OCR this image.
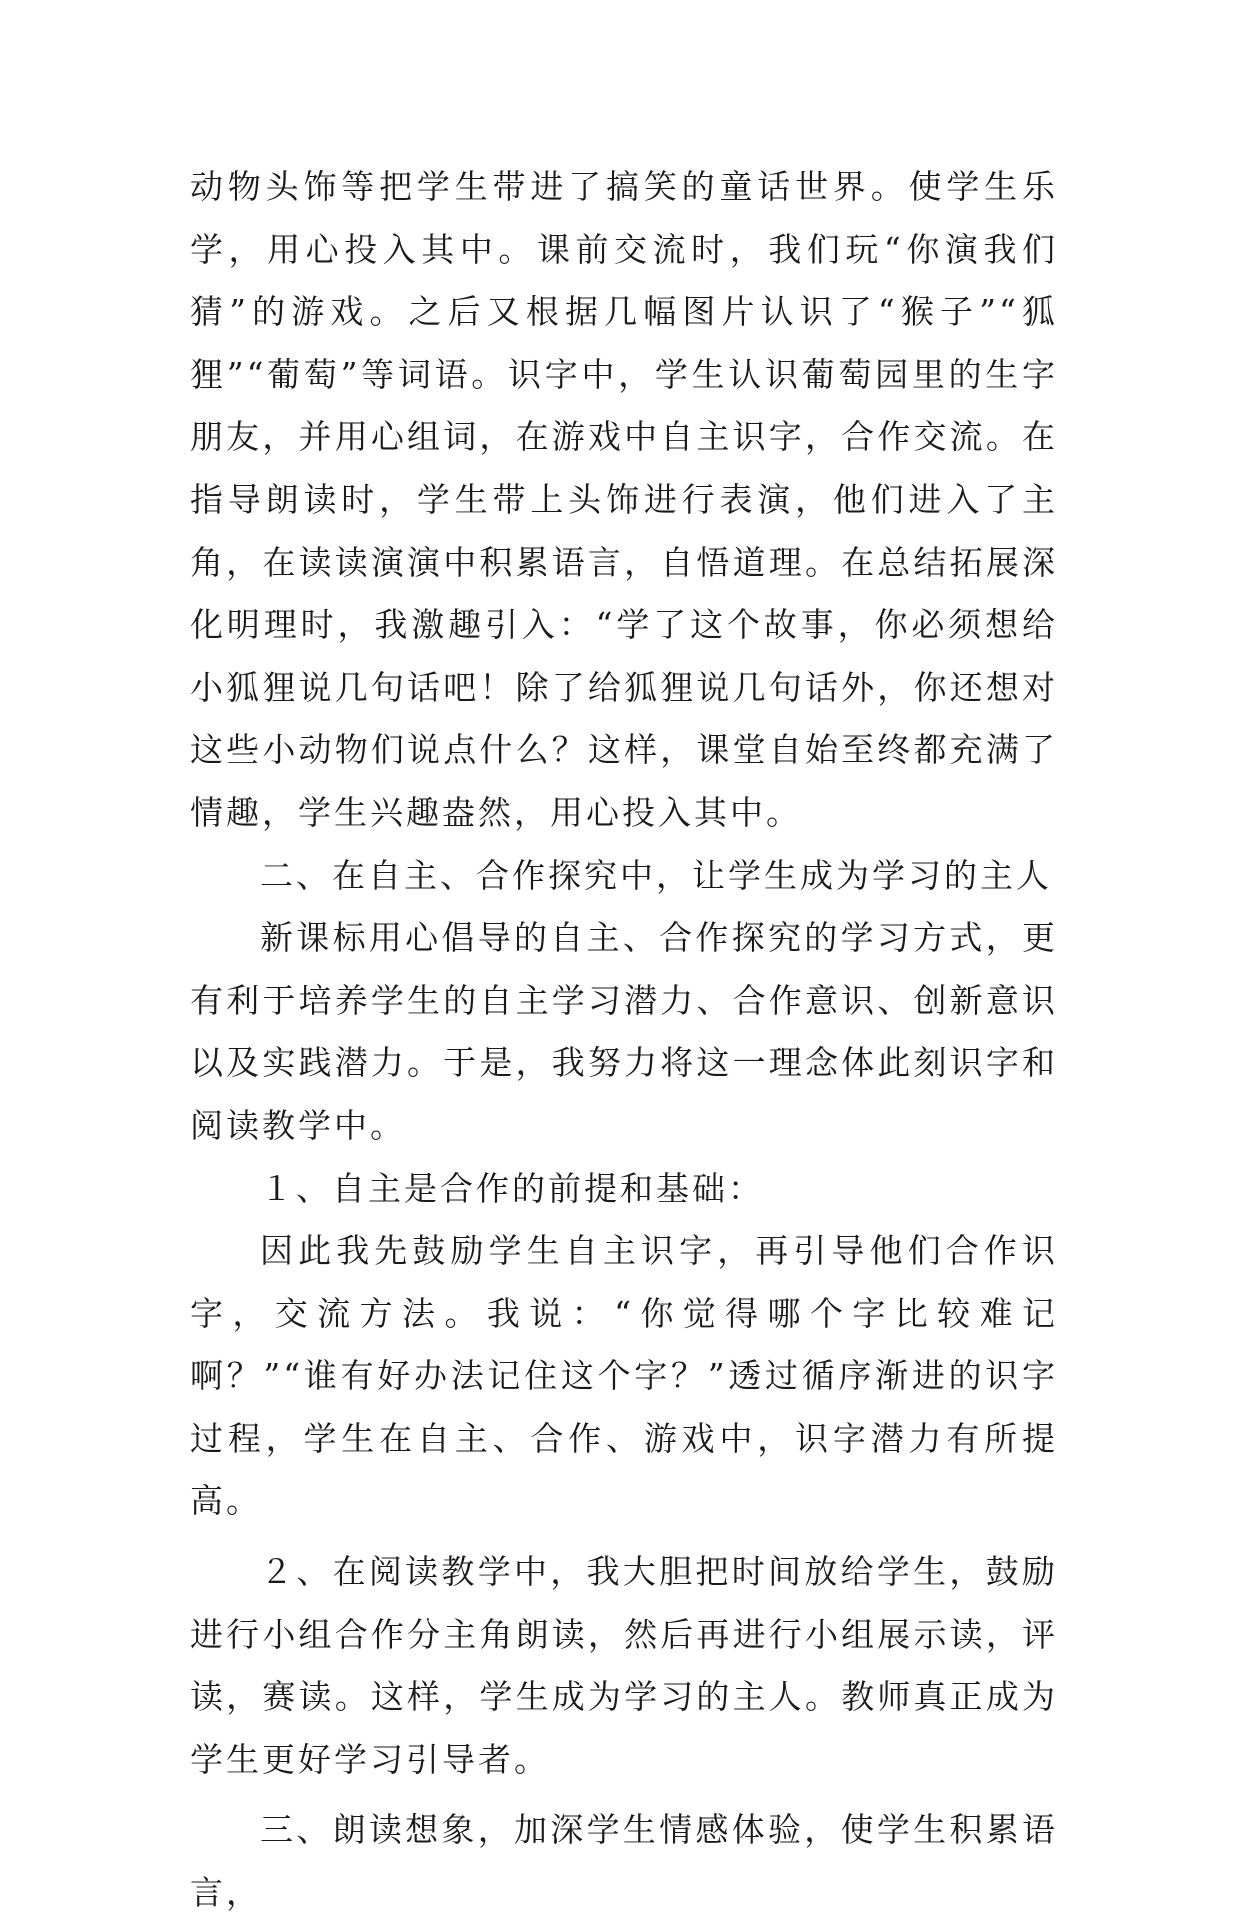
动物头饰等把学生带进了搞笑的童话世界。使学生乐学，用心投入其中。课前交流时，我们玩“你演我们猜”的游戏。之后又根据几幅图片认识了“猴子”“狐狸”“葡萄”等词语。识字中，学生认识葡萄园里的生字朋友，并用心组词，在游戏中自主识字，合作交流。在指导朗读时，学生带上头饰进行表演，他们进入了主角，在读读演演中积累语言，自悟道理。在总结拓展深化明理时，我激趣引入：“学了这个故事，你必须想给小狐狸说几句话吧！除了给狐狸说几句话外，你还想对这些小动物们说点什么？这样，课堂自始至终都充满了情趣，学生兴趣盎然，用心投入其中。

二、在自主、合作探究中，让学生成为学习的主人

新课标用心倡导的自主、合作探究的学习方式，更有利于培养学生的自主学习潜力、合作意识、创新意识以及实践潜力。于是，我努力将这一理念体此刻识字和阅读教学中。

１、自主是合作的前提和基础：

因此我先鼓励学生自主识字，再引导他们合作识字，交流方法。我说：“你觉得哪个字比较难记啊？”“谁有好办法记住这个字？”透过循序渐进的识字过程，学生在自主、合作、游戏中，识字潜力有所提高。

２、在阅读教学中，我大胆把时间放给学生，鼓励进行小组合作分主角朗读，然后再进行小组展示读，评读，赛读。这样，学生成为学习的主人。教师真正成为学生更好学习引导者。

三、朗读想象，加深学生情感体验，使学生积累语言，
